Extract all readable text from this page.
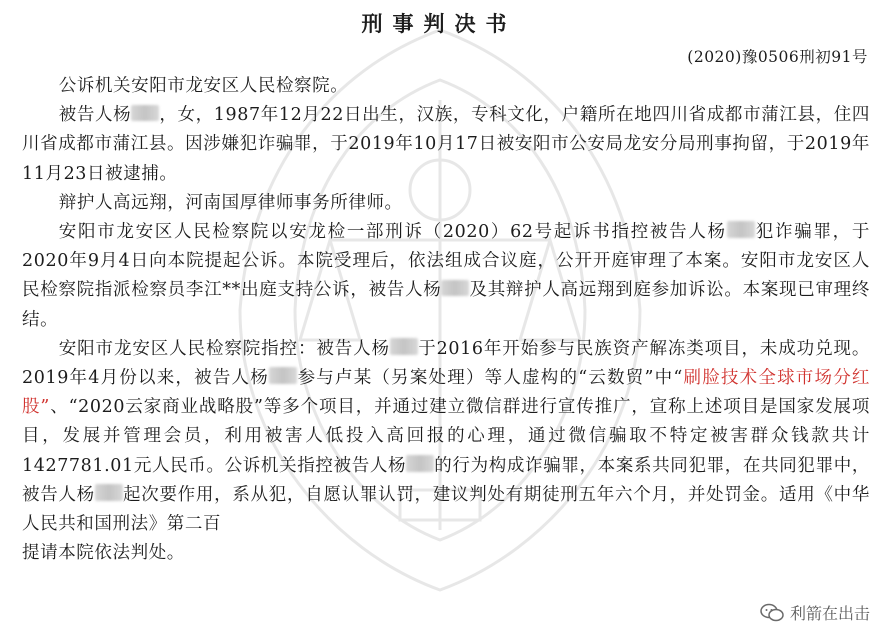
刑事判决书
(2020)豫0506刑初91号

公诉机关安阳市龙安区人民检察院。

被告人杨 ，女，1987年12月22日出生，汉族，专科文化，户籍所在地四川省成都市蒲江县，住四川省成都市蒲江县。因涉嫌犯诈骗罪，于2019年10月17日被安阳市公安局龙安分局刑事拘留，于2019年11月23日被逮捕。

辩护人高远翔，河南国厚律师事务所律师。

安阳市龙安区人民检察院以安龙检一部刑诉（2020）62号起诉书指控被告人杨 犯诈骗罪，于2020年9月4日向本院提起公诉。本院受理后，依法组成合议庭，公开开庭审理了本案。安阳市龙安区人民检察院指派检察员李江**出庭支持公诉，被告人杨 及其辩护人高远翔到庭参加诉讼。本案现已审理终结。

安阳市龙安区人民检察院指控：被告人杨 于2016年开始参与民族资产解冻类项目，未成功兑现。2019年4月份以来，被告人杨 参与卢某（另案处理）等人虚构的“云数贸”中“刷脸技术全球市场分红股”、“2020云家商业战略股”等多个项目，并通过建立微信群进行宣传推广，宣称上述项目是国家发展项目，发展并管理会员，利用被害人低投入高回报的心理，通过微信骗取不特定被害群众钱款共计1427781.01元人民币。公诉机关指控被告人杨 的行为构成诈骗罪，本案系共同犯罪，在共同犯罪中，被告人杨 起次要作用，系从犯，自愿认罪认罚，建议判处有期徒刑五年六个月，并处罚金。适用《中华人民共和国刑法》第二百
提请本院依法判处。

利箭在出击
